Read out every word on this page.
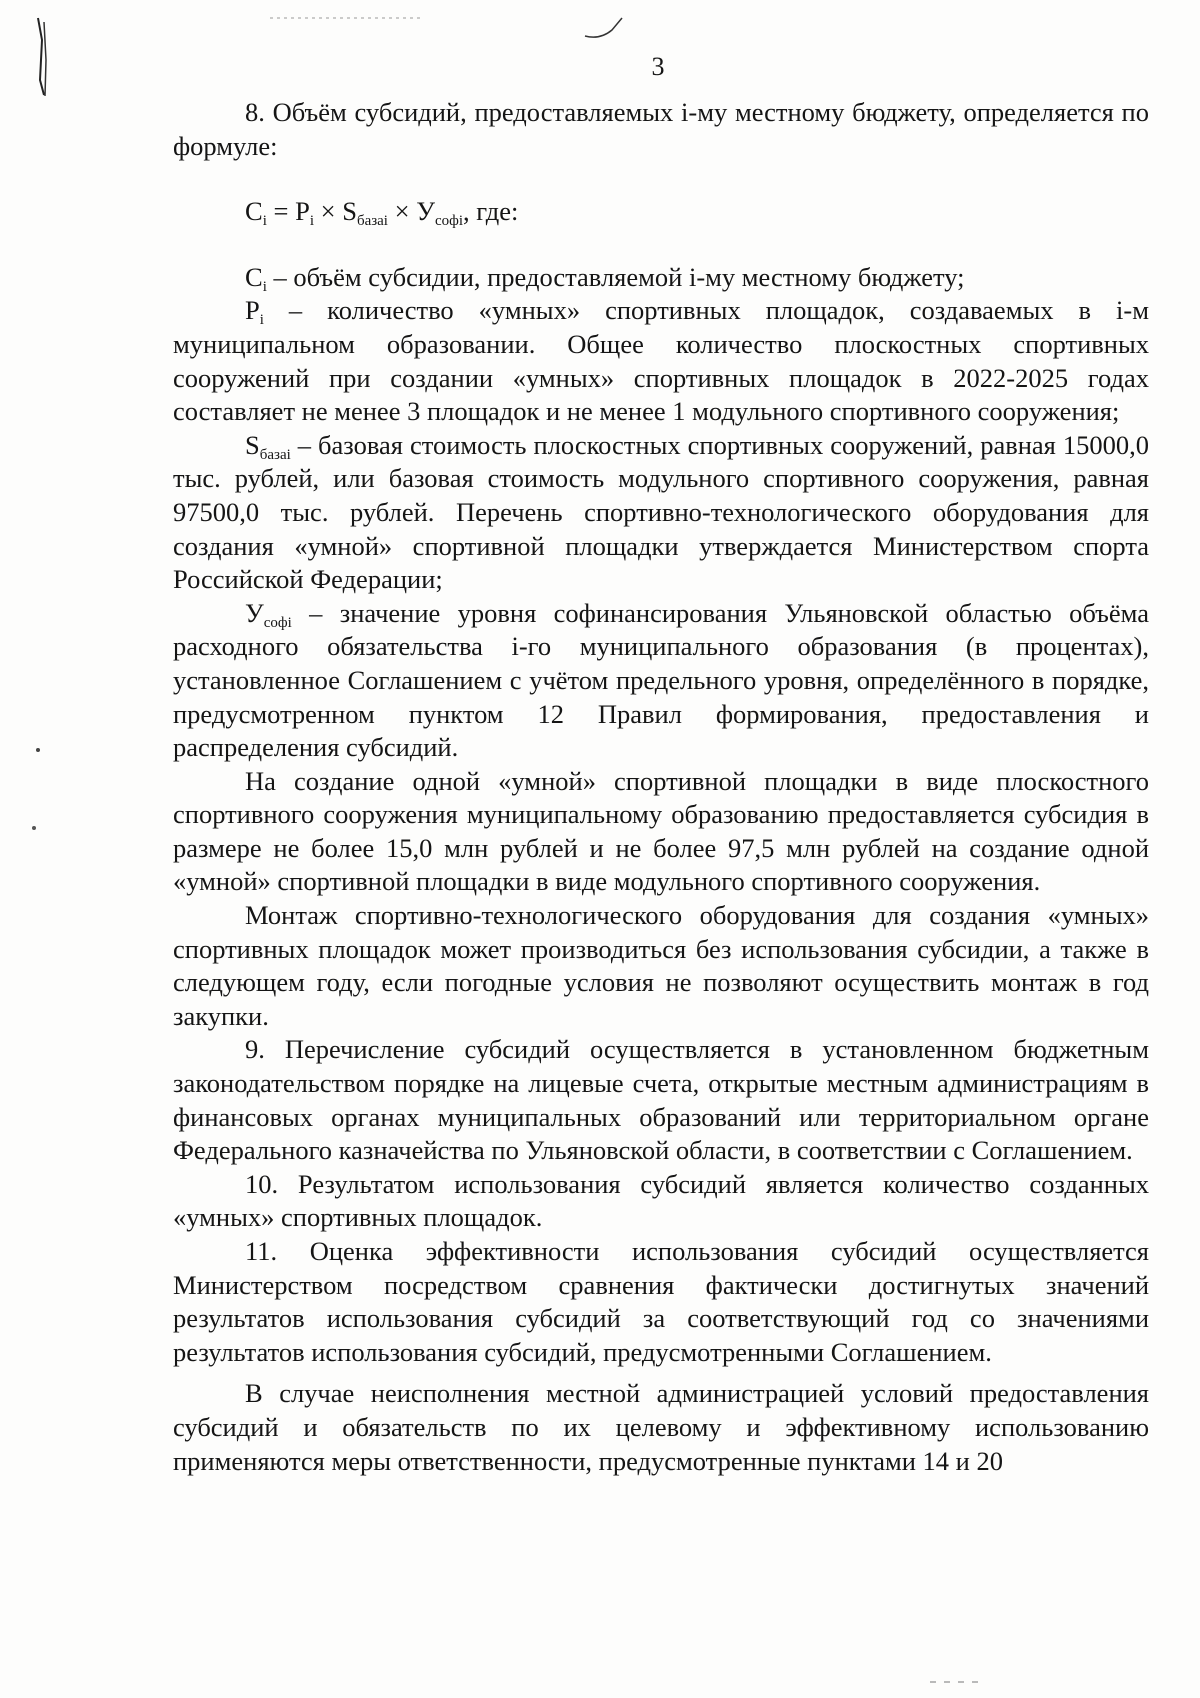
3

8. Объём субсидий, предоставляемых i-му местному бюджету, определяется по формуле:

$C_i = P_i \times S_{базаi} \times У_{софi}$, где:

$C_i$ – объём субсидии, предоставляемой i-му местному бюджету;

$P_i$ – количество «умных» спортивных площадок, создаваемых в i-м муниципальном образовании. Общее количество плоскостных спортивных сооружений при создании «умных» спортивных площадок в 2022-2025 годах составляет не менее 3 площадок и не менее 1 модульного спортивного сооружения;

$S_{базаi}$ – базовая стоимость плоскостных спортивных сооружений, равная 15000,0 тыс. рублей, или базовая стоимость модульного спортивного сооружения, равная 97500,0 тыс. рублей. Перечень спортивно-технологического оборудования для создания «умной» спортивной площадки утверждается Министерством спорта Российской Федерации;

$У_{софi}$ – значение уровня софинансирования Ульяновской областью объёма расходного обязательства i-го муниципального образования (в процентах), установленное Соглашением с учётом предельного уровня, определённого в порядке, предусмотренном пунктом 12 Правил формирования, предоставления и распределения субсидий.

На создание одной «умной» спортивной площадки в виде плоскостного спортивного сооружения муниципальному образованию предоставляется субсидия в размере не более 15,0 млн рублей и не более 97,5 млн рублей на создание одной «умной» спортивной площадки в виде модульного спортивного сооружения.

Монтаж спортивно-технологического оборудования для создания «умных» спортивных площадок может производиться без использования субсидии, а также в следующем году, если погодные условия не позволяют осуществить монтаж в год закупки.

9. Перечисление субсидий осуществляется в установленном бюджетным законодательством порядке на лицевые счета, открытые местным администрациям в финансовых органах муниципальных образований или территориальном органе Федерального казначейства по Ульяновской области, в соответствии с Соглашением.

10. Результатом использования субсидий является количество созданных «умных» спортивных площадок.

11. Оценка эффективности использования субсидий осуществляется Министерством посредством сравнения фактически достигнутых значений результатов использования субсидий за соответствующий год со значениями результатов использования субсидий, предусмотренными Соглашением.

В случае неисполнения местной администрацией условий предоставления субсидий и обязательств по их целевому и эффективному использованию применяются меры ответственности, предусмотренные пунктами 14 и 20
